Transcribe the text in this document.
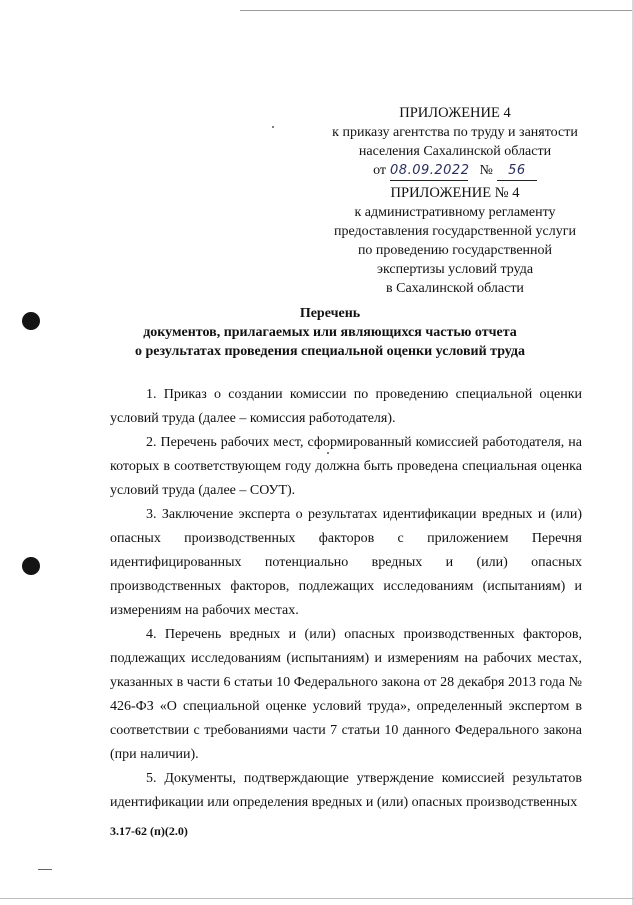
ПРИЛОЖЕНИЕ 4
к приказу агентства по труду и занятости
населения Сахалинской области
от 08.09.2022 № 56
ПРИЛОЖЕНИЕ № 4
к административному регламенту
предоставления государственной услуги
по проведению государственной
экспертизы условий труда
в Сахалинской области
Перечень
документов, прилагаемых или являющихся частью отчета
о результатах проведения специальной оценки условий труда

1. Приказ о создании комиссии по проведению специальной оценки условий труда (далее – комиссия работодателя).

2. Перечень рабочих мест, сформированный комиссией работодателя, на которых в соответствующем году должна быть проведена специальная оценка условий труда (далее – СОУТ).

3. Заключение эксперта о результатах идентификации вредных и (или) опасных производственных факторов с приложением Перечня идентифицированных потенциально вредных и (или) опасных производственных факторов, подлежащих исследованиям (испытаниям) и измерениям на рабочих местах.

4. Перечень вредных и (или) опасных производственных факторов, подлежащих исследованиям (испытаниям) и измерениям на рабочих местах, указанных в части 6 статьи 10 Федерального закона от 28 декабря 2013 года № 426-ФЗ «О специальной оценке условий труда», определенный экспертом в соответствии с требованиями части 7 статьи 10 данного Федерального закона (при наличии).

5. Документы, подтверждающие утверждение комиссией результатов идентификации или определения вредных и (или) опасных производственных

3.17-62 (п)(2.0)
